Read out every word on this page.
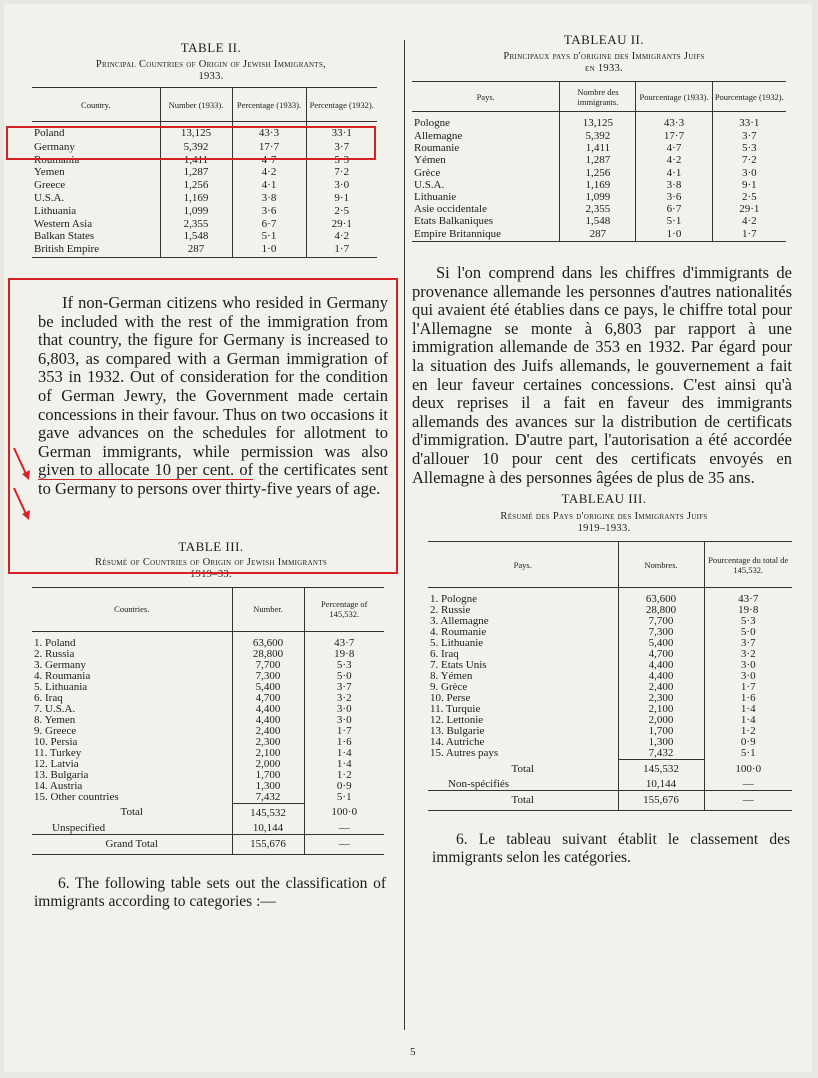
TABLE II.
Principal Countries of Origin of Jewish Immigrants,
1933.
Country.	Number (1933).	Percentage (1933).	Percentage (1932).
Poland	13,125	43·3	33·1
Germany	5,392	17·7	3·7
Roumania	1,411	4·7	5·3
Yemen	1,287	4·2	7·2
Greece	1,256	4·1	3·0
U.S.A.	1,169	3·8	9·1
Lithuania	1,099	3·6	2·5
Western Asia	2,355	6·7	29·1
Balkan States	1,548	5·1	4·2
British Empire	287	1·0	1·7
If non-German citizens who resided in Germany be included with the rest of the immigration from that country, the figure for Germany is increased to 6,803, as compared with a German immigration of 353 in 1932. Out of consideration for the condition of German Jewry, the Government made certain concessions in their favour. Thus on two occasions it gave advances on the schedules for allotment to German immigrants, while permission was also given to allocate 10 per cent. of the certificates sent to Germany to persons over thirty-five years of age.
TABLE III.
Résumé of Countries of Origin of Jewish Immigrants
1919–33.
Countries.	Number.	Percentage of 145,532.
1. Poland	63,600	43·7
2. Russia	28,800	19·8
3. Germany	7,700	5·3
4. Roumania	7,300	5·0
5. Lithuania	5,400	3·7
6. Iraq	4,700	3·2
7. U.S.A.	4,400	3·0
8. Yemen	4,400	3·0
9. Greece	2,400	1·7
10. Persia	2,300	1·6
11. Turkey	2,100	1·4
12. Latvia	2,000	1·4
13. Bulgaria	1,700	1·2
14. Austria	1,300	0·9
15. Other countries	7,432	5·1
Total	145,532	100·0
Unspecified	10,144	—
Grand Total	155,676	—
6. The following table sets out the classification of immigrants according to categories :—
TABLEAU II.
Principaux pays d'origine des Immigrants Juifs
en 1933.
Pays.	Nombre des immigrants.	Pourcentage (1933).	Pourcentage (1932).
Pologne	13,125	43·3	33·1
Allemagne	5,392	17·7	3·7
Roumanie	1,411	4·7	5·3
Yémen	1,287	4·2	7·2
Grèce	1,256	4·1	3·0
U.S.A.	1,169	3·8	9·1
Lithuanie	1,099	3·6	2·5
Asie occidentale	2,355	6·7	29·1
Etats Balkaniques	1,548	5·1	4·2
Empire Britannique	287	1·0	1·7
Si l'on comprend dans les chiffres d'immigrants de provenance allemande les personnes d'autres nationalités qui avaient été établies dans ce pays, le chiffre total pour l'Allemagne se monte à 6,803 par rapport à une immigration allemande de 353 en 1932. Par égard pour la situation des Juifs allemands, le gouvernement a fait en leur faveur certaines concessions. C'est ainsi qu'à deux reprises il a fait en faveur des immigrants allemands des avances sur la distribution de certificats d'immigration. D'autre part, l'autorisation a été accordée d'allouer 10 pour cent des certificats envoyés en Allemagne à des personnes âgées de plus de 35 ans.
TABLEAU III.
Résumé des Pays d'origine des Immigrants Juifs
1919–1933.
Pays.	Nombres.	Pourcentage du total de 145,532.
1. Pologne	63,600	43·7
2. Russie	28,800	19·8
3. Allemagne	7,700	5·3
4. Roumanie	7,300	5·0
5. Lithuanie	5,400	3·7
6. Iraq	4,700	3·2
7. Etats Unis	4,400	3·0
8. Yémen	4,400	3·0
9. Grèce	2,400	1·7
10. Perse	2,300	1·6
11. Turquie	2,100	1·4
12. Lettonie	2,000	1·4
13. Bulgarie	1,700	1·2
14. Autriche	1,300	0·9
15. Autres pays	7,432	5·1
Total	145,532	100·0
Non-spécifiés	10,144	—
Total	155,676	—
6. Le tableau suivant établit le classement des immigrants selon les catégories.
5
